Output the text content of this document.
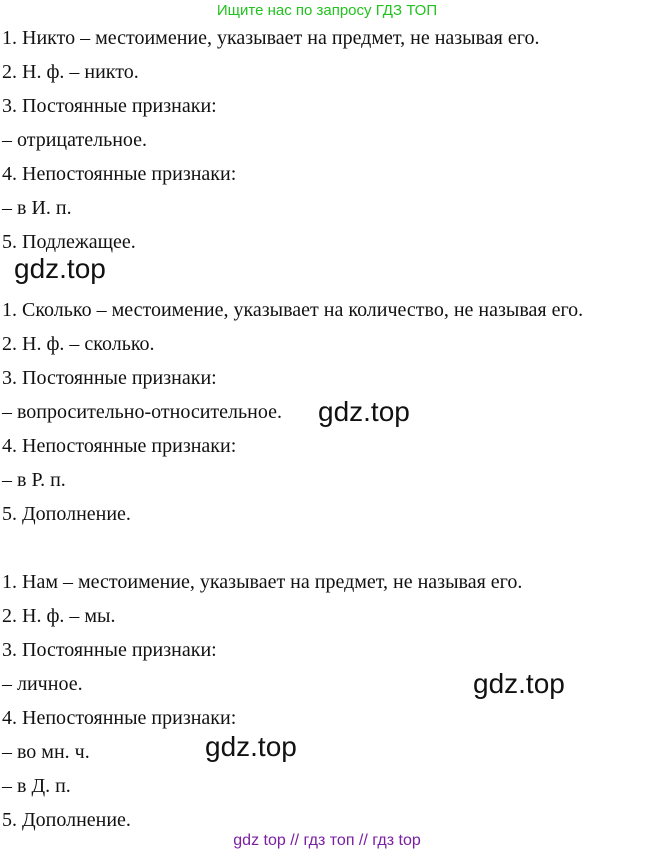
Ищите нас по запросу ГДЗ ТОП
1. Никто – местоимение, указывает на предмет, не называя его.
2. Н. ф. – никто.
3. Постоянные признаки:
– отрицательное.
4. Непостоянные признаки:
– в И. п.
5. Подлежащее.
1. Сколько – местоимение, указывает на количество, не называя его.
2. Н. ф. – сколько.
3. Постоянные признаки:
– вопросительно-относительное.
4. Непостоянные признаки:
– в Р. п.
5. Дополнение.
1. Нам – местоимение, указывает на предмет, не называя его.
2. Н. ф. – мы.
3. Постоянные признаки:
– личное.
4. Непостоянные признаки:
– во мн. ч.
– в Д. п.
5. Дополнение.
gdz.top
gdz.top
gdz.top
gdz.top
gdz top // гдз топ // гдз top
